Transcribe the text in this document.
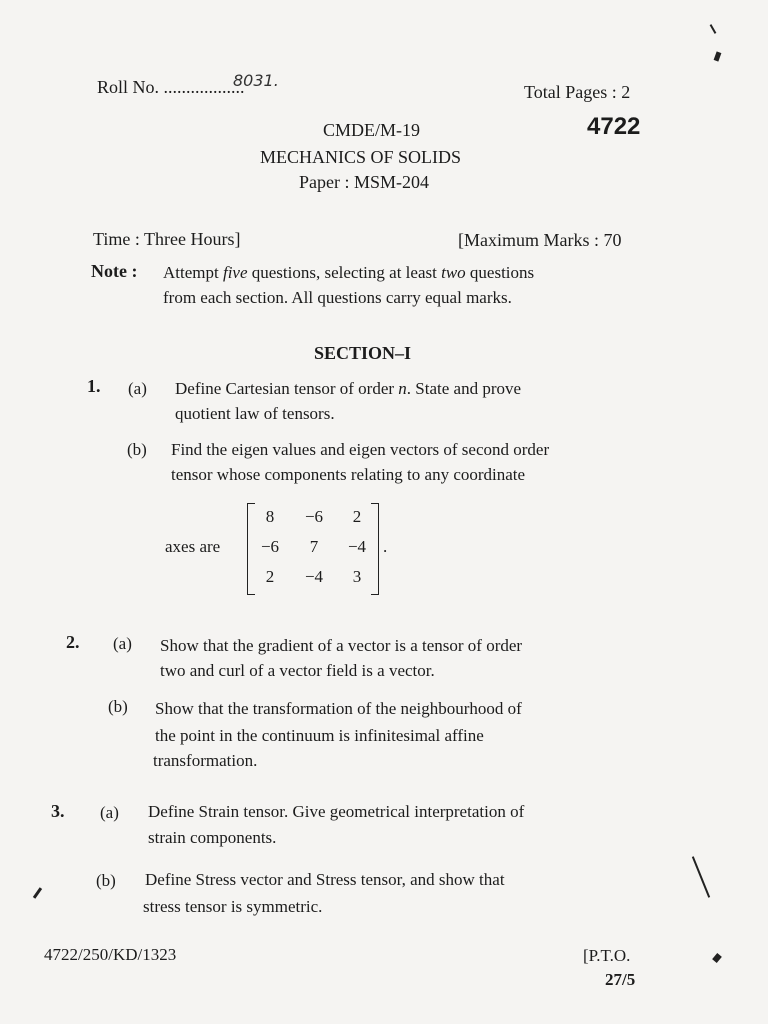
Roll No. ..................
8031.
Total Pages : 2
4722
CMDE/M-19
MECHANICS OF SOLIDS
Paper : MSM-204
Time : Three Hours]	[Maximum Marks : 70
Note : Attempt five questions, selecting at least two questions
from each section. All questions carry equal marks.
SECTION–I
1. (a) Define Cartesian tensor of order n. State and prove
quotient law of tensors.
(b) Find the eigen values and eigen vectors of second order
tensor whose components relating to any coordinate
axes are
8	−6	2
−6	7	−4
2	−4	3
.
2. (a) Show that the gradient of a vector is a tensor of order
two and curl of a vector field is a vector.
(b) Show that the transformation of the neighbourhood of
the point in the continuum is infinitesimal affine
transformation.
3. (a) Define Strain tensor. Give geometrical interpretation of
strain components.
(b) Define Stress vector and Stress tensor, and show that
stress tensor is symmetric.
4722/250/KD/1323	[P.T.O.
27/5
